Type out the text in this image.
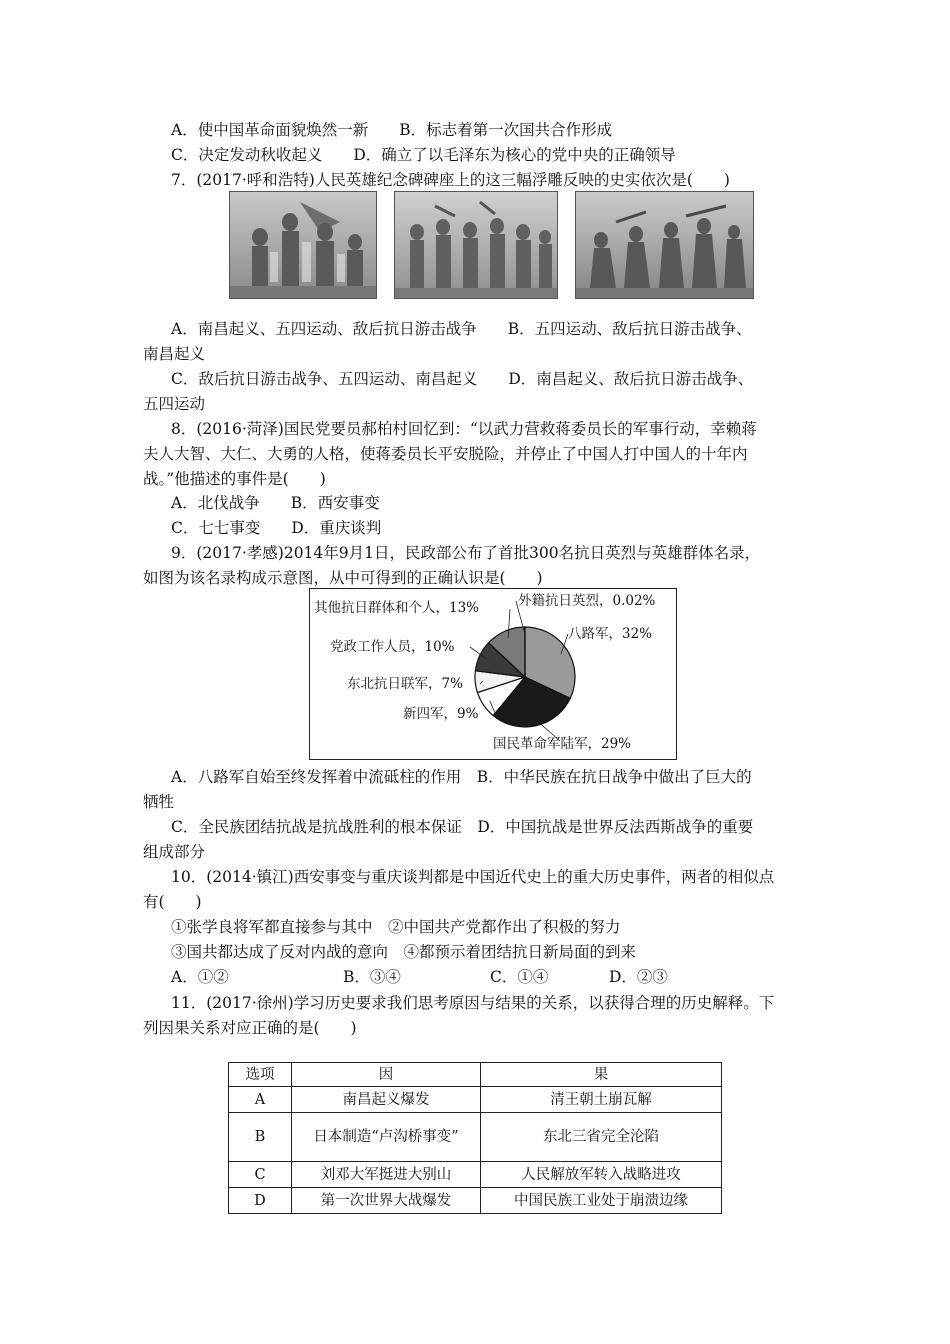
A．使中国革命面貌焕然一新　　B．标志着第一次国共合作形成
C．决定发动秋收起义　　D．确立了以毛泽东为核心的党中央的正确领导
7．(2017·呼和浩特)人民英雄纪念碑碑座上的这三幅浮雕反映的史实依次是(　　)
A．南昌起义、五四运动、敌后抗日游击战争　　B．五四运动、敌后抗日游击战争、
南昌起义
C．敌后抗日游击战争、五四运动、南昌起义　　D．南昌起义、敌后抗日游击战争、
五四运动
8．(2016·菏泽)国民党要员郝柏村回忆到：“以武力营救蒋委员长的军事行动，幸赖蒋
夫人大智、大仁、大勇的人格，使蒋委员长平安脱险，并停止了中国人打中国人的十年内
战。”他描述的事件是(　　)
A．北伐战争　　B．西安事变
C．七七事变　　D．重庆谈判
9．(2017·孝感)2014年9月1日，民政部公布了首批300名抗日英烈与英雄群体名录，
如图为该名录构成示意图，从中可得到的正确认识是(　　)
其他抗日群体和个人，13%	外籍抗日英烈，0.02%
八路军，32%
党政工作人员，10%
东北抗日联军，7%
新四军，9%
国民革命军陆军，29%
A．八路军自始至终发挥着中流砥柱的作用　B．中华民族在抗日战争中做出了巨大的
牺牲
C．全民族团结抗战是抗战胜利的根本保证　D．中国抗战是世界反法西斯战争的重要
组成部分
10．(2014·镇江)西安事变与重庆谈判都是中国近代史上的重大历史事件，两者的相似点
有(　　)
①张学良将军都直接参与其中　②中国共产党都作出了积极的努力
③国共都达成了反对内战的意向　④都预示着团结抗日新局面的到来
A．①②	B．③④	C．①④	D．②③
11．(2017·徐州)学习历史要求我们思考原因与结果的关系，以获得合理的历史解释。下
列因果关系对应正确的是(　　)
选项	因	果
A	南昌起义爆发	清王朝土崩瓦解
B	日本制造“卢沟桥事变”	东北三省完全沦陷
C	刘邓大军挺进大别山	人民解放军转入战略进攻
D	第一次世界大战爆发	中国民族工业处于崩溃边缘
